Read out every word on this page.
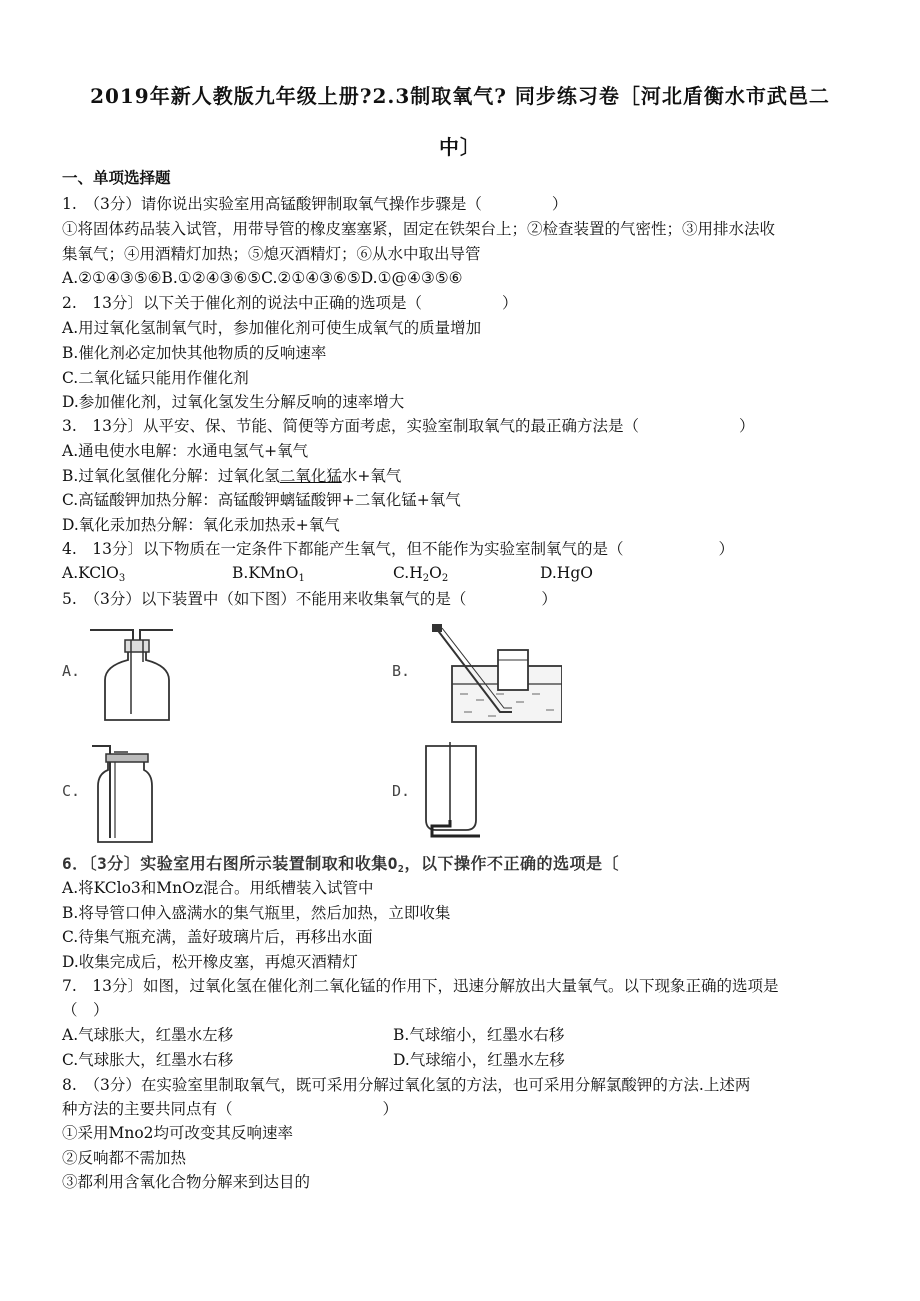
2019年新人教版九年级上册?2.3制取氧气? 同步练习卷［河北盾衡水市武邑二
中〕
一、单项选择题
1.　（3分）请你说出实验室用高锰酸钾制取氧气操作步骤是（	）
①将固体药品装入试管，用带导管的橡皮塞塞紧，固定在铁架台上；②检查装置的气密性；③用排水法收
集氧气；④用酒精灯加热；⑤熄灭酒精灯；⑥从水中取出导管
A.②①④③⑤⑥B.①②④③⑥⑤C.②①④③⑥⑤D.①@④③⑤⑥
2.　13分〕以下关于催化剂的说法中正确的选项是（	）
A.用过氧化氢制氧气时，参加催化剂可使生成氧气的质量增加
B.催化剂必定加快其他物质的反响速率
C.二氧化锰只能用作催化剂
D.参加催化剂，过氧化氢发生分解反响的速率增大
3.　13分〕从平安、保、节能、简便等方面考虑，实验室制取氧气的最正确方法是（	）
A.通电使水电解：水通电氢气+氧气
B.过氧化氢催化分解：过氧化氢二氧化猛水+氧气
C.高锰酸钾加热分解：高锰酸钾螭锰酸钾+二氧化锰+氧气
D.氧化汞加热分解：氧化汞加热汞+氧气
4.　13分〕以下物质在一定条件下都能产生氧气，但不能作为实验室制氧气的是（	）
A.KClO$_3$	B.KMnO$_1$	$C.H_2O_2$	D.HgO
5.　（3分）以下装置中（如下图）不能用来收集氧气的是（	）
A.	B.
C.	D.
6．〔3分〕实验室用右图所示装置制取和收集$O_2$，以下操作不正确的选项是〔
A.将KClo3和MnOz混合。用纸槽装入试管中
B.将导管口伸入盛满水的集气瓶里，然后加热，立即收集
C.待集气瓶充满，盖好玻璃片后，再移出水面
D.收集完成后，松开橡皮塞，再熄灭酒精灯
7.　13分〕如图，过氧化氢在催化剂二氧化锰的作用下，迅速分解放出大量氧气。以下现象正确的选项是
（　）
A.气球胀大，红墨水左移	B.气球缩小，红墨水右移
C.气球胀大，红墨水右移	D.气球缩小，红墨水左移
8.　（3分）在实验室里制取氧气，既可采用分解过氧化氢的方法，也可采用分解氯酸钾的方法.上述两
种方法的主要共同点有（	）
①采用Mno2均可改变其反响速率
②反响都不需加热
③都利用含氧化合物分解来到达目的
